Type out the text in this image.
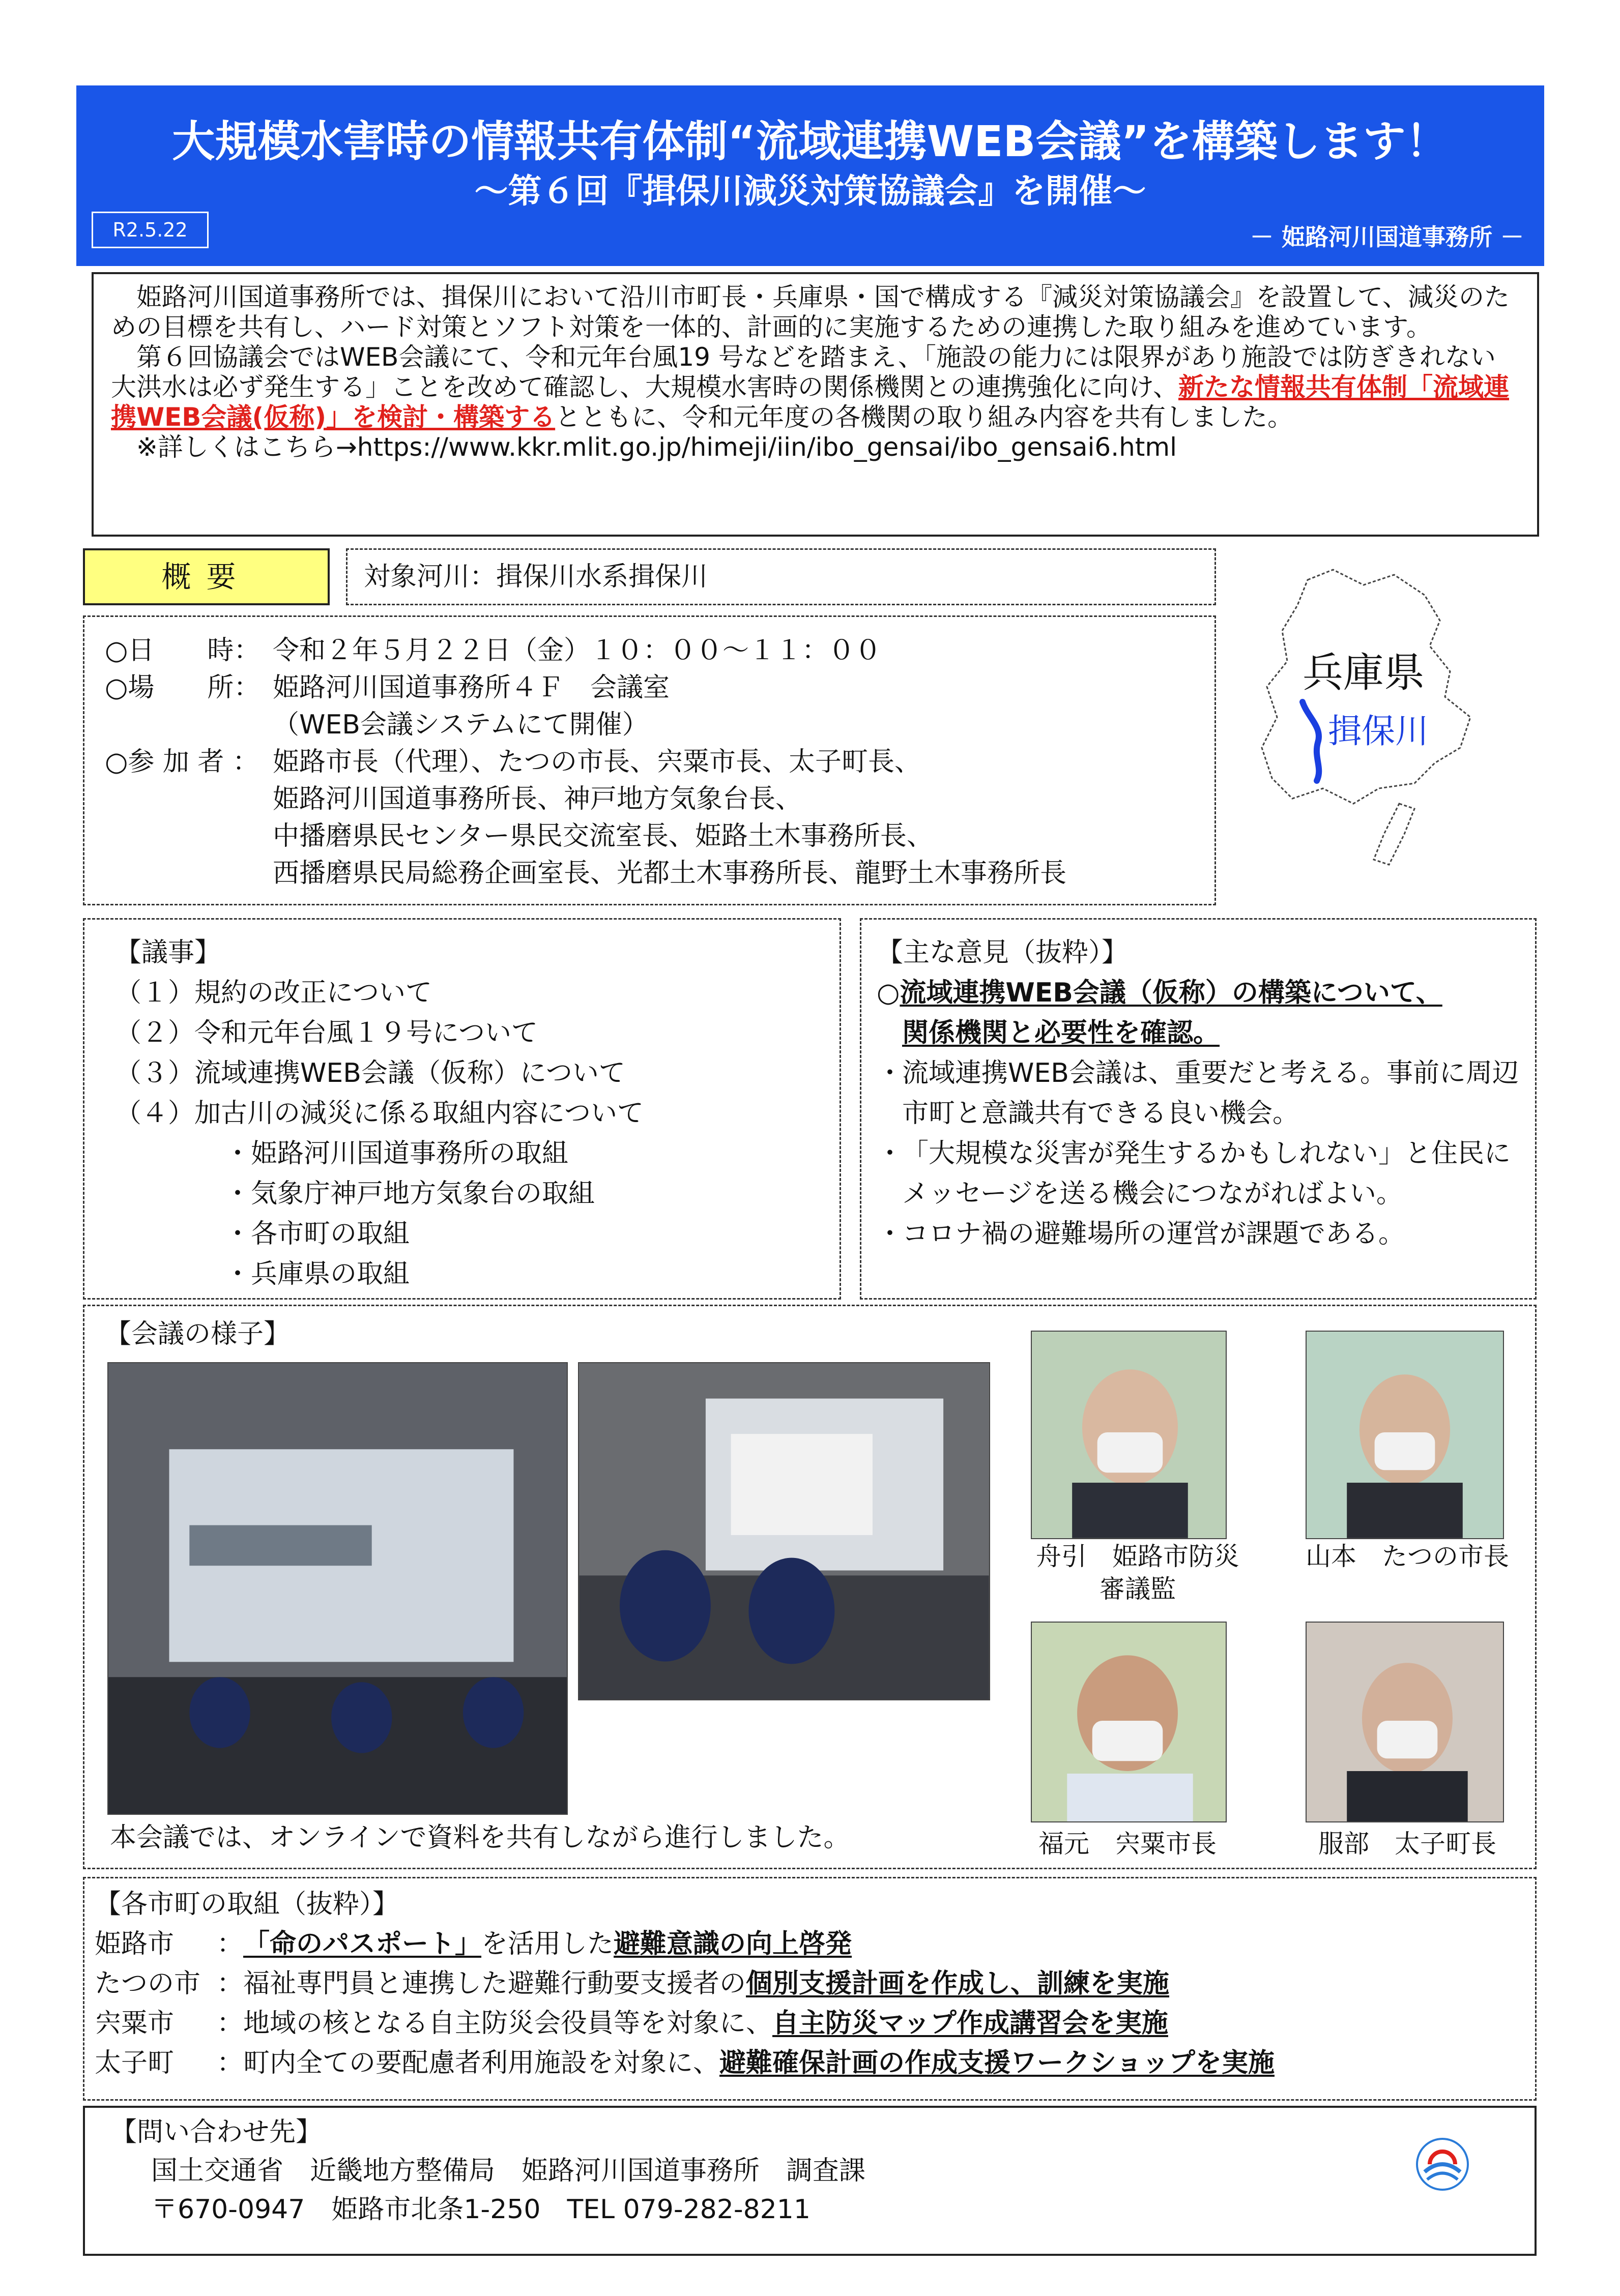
大規模水害時の情報共有体制“流域連携WEB会議”を構築します！
～第６回『揖保川減災対策協議会』を開催～
R2.5.22	－ 姫路河川国道事務所 －

姫路河川国道事務所では、揖保川において沿川市町長・兵庫県・国で構成する『減災対策協議会』を設置して、減災のための目標を共有し、ハード対策とソフト対策を一体的、計画的に実施するための連携した取り組みを進めています。

第６回協議会ではWEB会議にて、令和元年台風19 号などを踏まえ、「施設の能力には限界があり施設では防ぎきれない大洪水は必ず発生する」ことを改めて確認し、大規模水害時の関係機関との連携強化に向け、新たな情報共有体制「流域連携WEB会議(仮称)」を検討・構築するとともに、令和元年度の各機関の取り組み内容を共有しました。

※詳しくはこちら→https://www.kkr.mlit.go.jp/himeji/iin/ibo_gensai/ibo_gensai6.html

概要	対象河川：揖保川水系揖保川
○日　　時： 令和２年５月２２日（金）１０：００～１１：００
○場　　所： 姫路河川国道事務所４Ｆ　会議室
（WEB会議システムにて開催）
○参 加 者 ： 姫路市長（代理）、たつの市長、宍粟市長、太子町長、
姫路河川国道事務所長、神戸地方気象台長、
中播磨県民センター県民交流室長、姫路土木事務所長、
西播磨県民局総務企画室長、光都土木事務所長、龍野土木事務所長
兵庫県
揖保川
【議事】
（１）規約の改正について
（２）令和元年台風１９号について
（３）流域連携WEB会議（仮称）について
（４）加古川の減災に係る取組内容について
・姫路河川国道事務所の取組
・気象庁神戸地方気象台の取組
・各市町の取組
・兵庫県の取組
【主な意見（抜粋）】
○流域連携WEB会議（仮称）の構築について、
関係機関と必要性を確認。
・
流域連携WEB会議は、重要だと考える。事前に周辺市町と意識共有できる良い機会。
・
「大規模な災害が発生するかもしれない」と住民にメッセージを送る機会につながればよい。
・
コロナ禍の避難場所の運営が課題である。
【会議の様子】
本会議では、オンラインで資料を共有しながら進行しました。
舟引　姫路市防災
審議監
山本　たつの市長
福元　宍粟市長	服部　太子町長
【各市町の取組（抜粋）】
姫路市	： 「命のパスポート」 を活用した 避難意識の向上啓発
たつの市 ：福祉専門員と連携した避難行動要支援者の 個別支援計画を作成し、訓練を実施
宍粟市	：地域の核となる自主防災会役員等を対象に、 自主防災マップ作成講習会を実施
太子町	：町内全ての要配慮者利用施設を対象に、 避難確保計画の作成支援ワークショップを実施
【問い合わせ先】
国土交通省　近畿地方整備局　姫路河川国道事務所　調査課
〒670-0947　姫路市北条1-250　TEL 079-282-8211
